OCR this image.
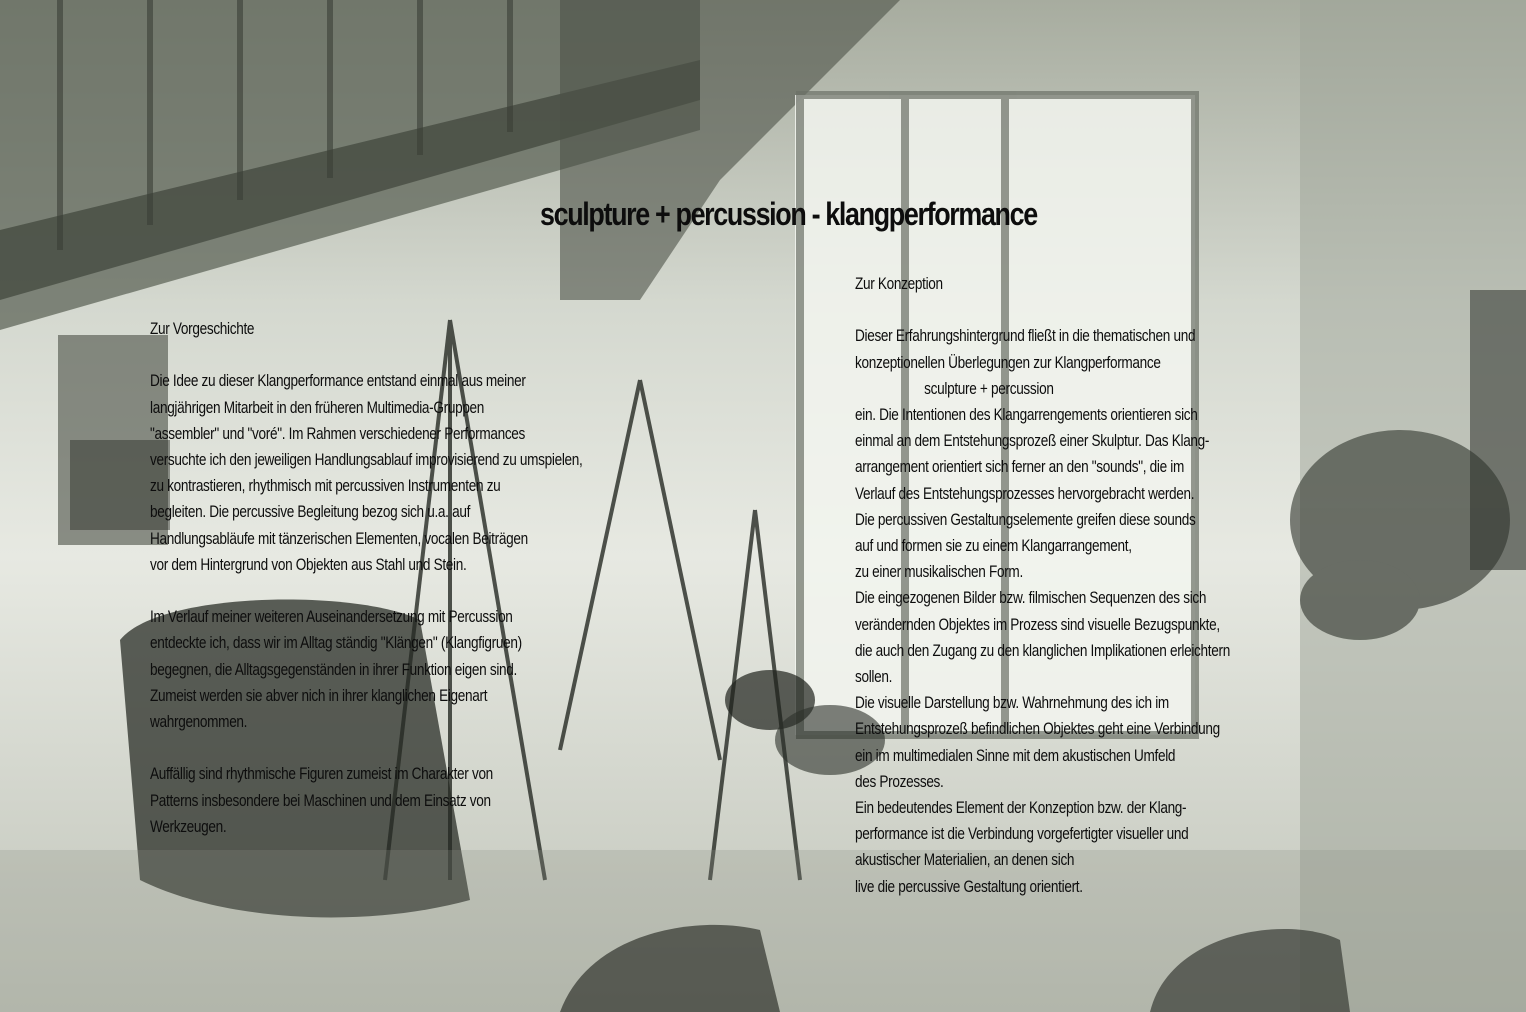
sculpture + percussion - klangperformance
Zur Vorgeschichte
Die Idee zu dieser Klangperformance entstand einmal aus meiner
langjährigen Mitarbeit in den früheren Multimedia-Gruppen
"assembler" und "voré". Im Rahmen verschiedener Performances
versuchte ich den jeweiligen Handlungsablauf improvisierend zu umspielen,
zu kontrastieren, rhythmisch mit percussiven Instrumenten zu
begleiten. Die percussive Begleitung bezog sich u.a. auf
Handlungsabläufe mit tänzerischen Elementen, vocalen Beiträgen
vor dem Hintergrund von Objekten aus Stahl und Stein.
Im Verlauf meiner weiteren Auseinandersetzung mit Percussion
entdeckte ich, dass wir im Alltag ständig "Klängen" (Klangfigruen)
begegnen, die Alltagsgegenständen in ihrer Funktion eigen sind.
Zumeist werden sie abver nich in ihrer klanglichen Eigenart
wahrgenommen.
Auffällig sind rhythmische Figuren zumeist im Charakter von
Patterns insbesondere bei Maschinen und dem Einsatz von
Werkzeugen.
Zur Konzeption
Dieser Erfahrungshintergrund fließt in die thematischen und
konzeptionellen Überlegungen zur Klangperformance
sculpture + percussion
ein. Die Intentionen des Klangarrengements orientieren sich
einmal an dem Entstehungsprozeß einer Skulptur. Das Klang-
arrangement orientiert sich ferner an den "sounds", die im
Verlauf des Entstehungsprozesses hervorgebracht werden.
Die percussiven Gestaltungselemente greifen diese sounds
auf und formen sie zu einem Klangarrangement,
zu einer musikalischen Form.
Die eingezogenen Bilder bzw. filmischen Sequenzen des sich
verändernden Objektes im Prozess sind visuelle Bezugspunkte,
die auch den Zugang zu den klanglichen Implikationen erleichtern
sollen.
Die visuelle Darstellung bzw. Wahrnehmung des ich im
Entstehungsprozeß befindlichen Objektes geht eine Verbindung
ein im multimedialen Sinne mit dem akustischen Umfeld
des Prozesses.
Ein bedeutendes Element der Konzeption bzw. der Klang-
performance ist die Verbindung vorgefertigter visueller und
akustischer Materialien, an denen sich
live die percussive Gestaltung orientiert.
